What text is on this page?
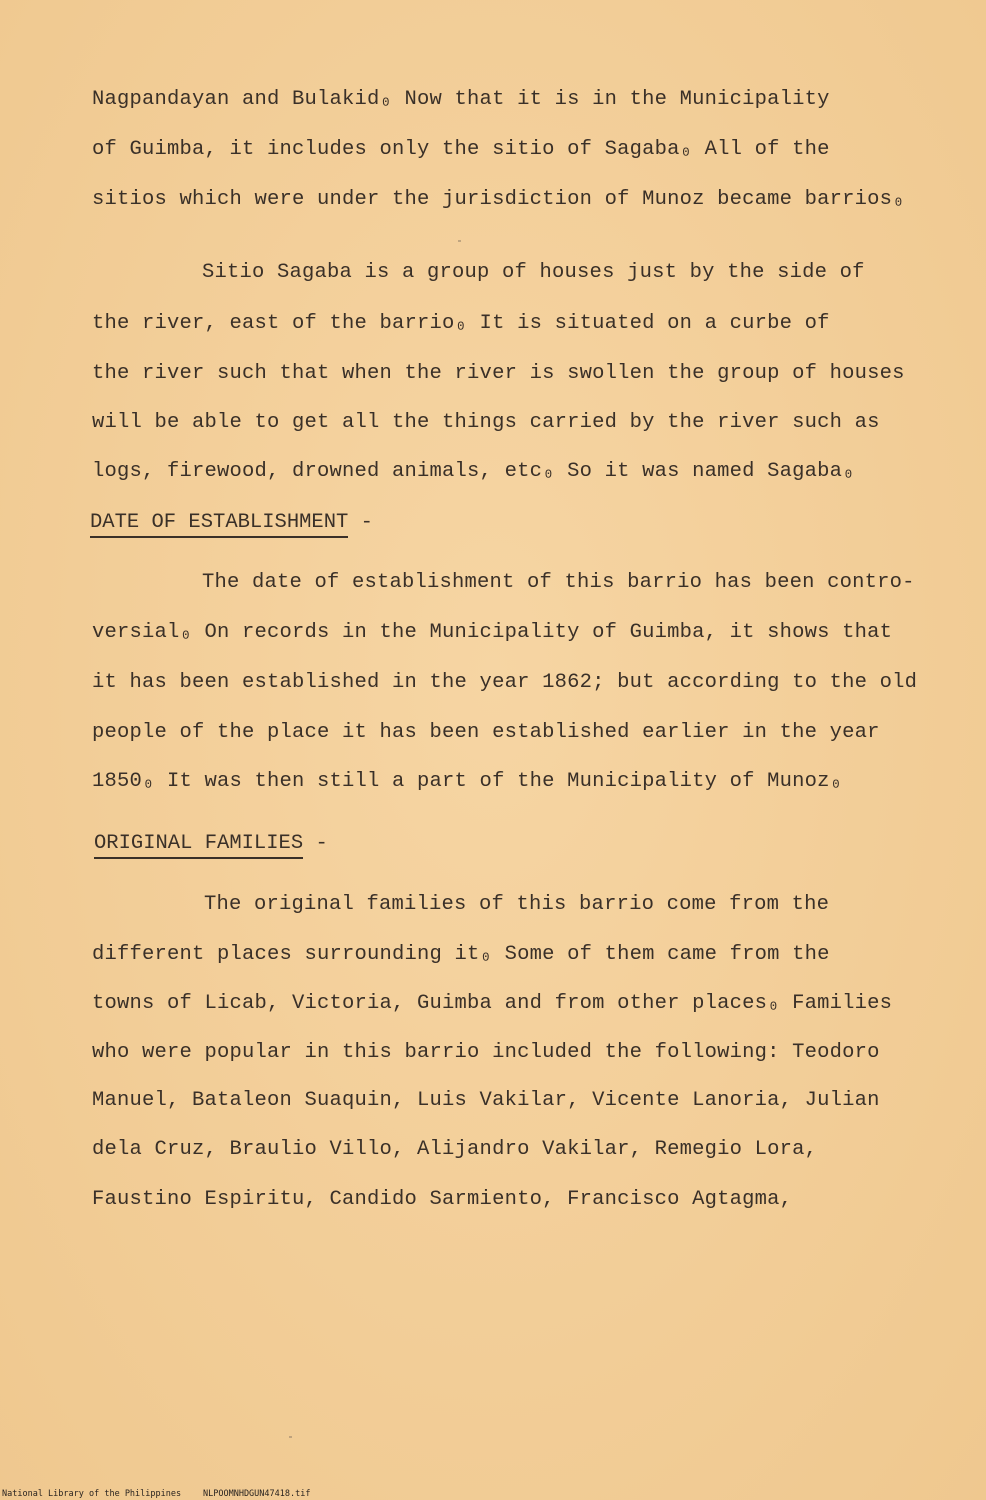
Nagpandayan and Bulakid₀ Now that it is in the Municipality
of Guimba, it includes only the sitio of Sagaba₀ All of the
sitios which were under the jurisdiction of Munoz became barrios₀
Sitio Sagaba is a group of houses just by the side of
the river, east of the barrio₀ It is situated on a curbe of
the river such that when the river is swollen the group of houses
will be able to get all the things carried by the river such as
logs, firewood, drowned animals, etc₀ So it was named Sagaba₀
DATE OF ESTABLISHMENT -
The date of establishment of this barrio has been contro-
versial₀ On records in the Municipality of Guimba, it shows that
it has been established in the year 1862; but according to the old
people of the place it has been established earlier in the year
1850₀ It was then still a part of the Municipality of Munoz₀
ORIGINAL FAMILIES -
The original families of this barrio come from the
different places surrounding it₀ Some of them came from the
towns of Licab, Victoria, Guimba and from other places₀ Families
who were popular in this barrio included the following: Teodoro
Manuel, Bataleon Suaquin, Luis Vakilar, Vicente Lanoria, Julian
dela Cruz, Braulio Villo, Alijandro Vakilar, Remegio Lora,
Faustino Espiritu, Candido Sarmiento, Francisco Agtagma,
National Library of the Philippines	NLPOOMNHDGUN47418.tif
